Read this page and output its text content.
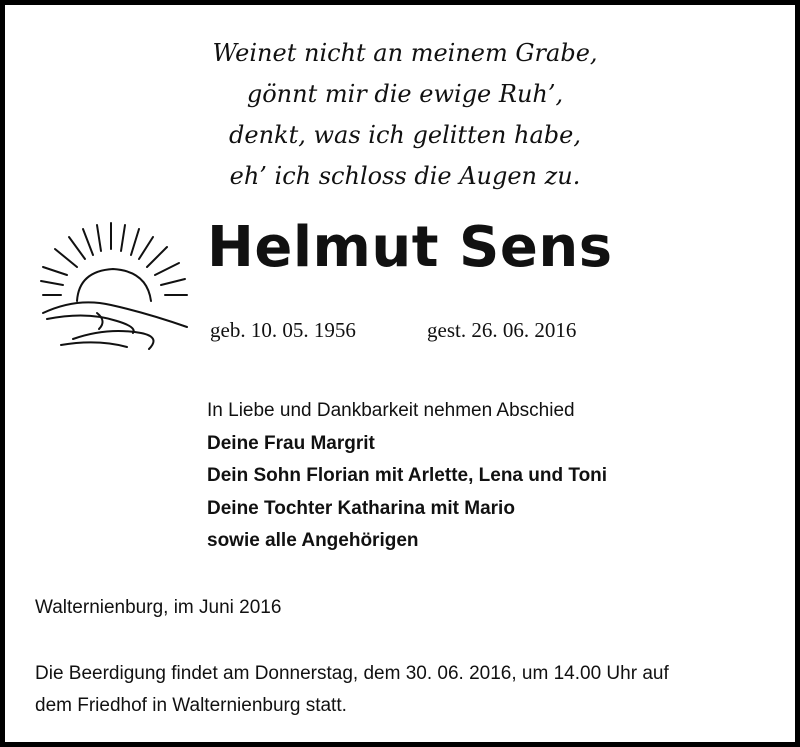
Weinet nicht an meinem Grabe,
gönnt mir die ewige Ruh’,
denkt, was ich gelitten habe,
eh’ ich schloss die Augen zu.
Helmut Sens
geb. 10. 05. 1956	gest. 26. 06. 2016
In Liebe und Dankbarkeit nehmen Abschied
Deine Frau Margrit
Dein Sohn Florian mit Arlette, Lena und Toni
Deine Tochter Katharina mit Mario
sowie alle Angehörigen
Walternienburg, im Juni 2016
Die Beerdigung findet am Donnerstag, dem 30. 06. 2016, um 14.00 Uhr auf
dem Friedhof in Walternienburg statt.
